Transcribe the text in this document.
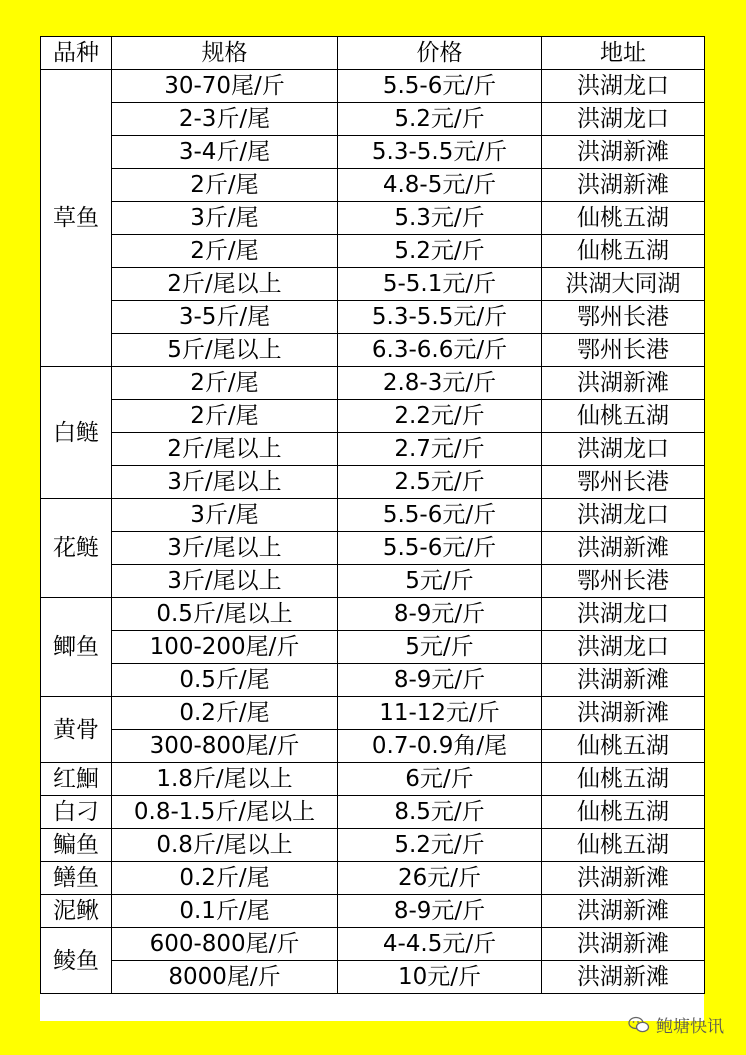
品种	规格	价格	地址
草鱼	30-70尾/斤	5.5-6元/斤	洪湖龙口
	2-3斤/尾	5.2元/斤	洪湖龙口
	3-4斤/尾	5.3-5.5元/斤	洪湖新滩
	2斤/尾	4.8-5元/斤	洪湖新滩
	3斤/尾	5.3元/斤	仙桃五湖
	2斤/尾	5.2元/斤	仙桃五湖
	2斤/尾以上	5-5.1元/斤	洪湖大同湖
	3-5斤/尾	5.3-5.5元/斤	鄂州长港
	5斤/尾以上	6.3-6.6元/斤	鄂州长港
白鲢	2斤/尾	2.8-3元/斤	洪湖新滩
	2斤/尾	2.2元/斤	仙桃五湖
	2斤/尾以上	2.7元/斤	洪湖龙口
	3斤/尾以上	2.5元/斤	鄂州长港
花鲢	3斤/尾	5.5-6元/斤	洪湖龙口
	3斤/尾以上	5.5-6元/斤	洪湖新滩
	3斤/尾以上	5元/斤	鄂州长港
鲫鱼	0.5斤/尾以上	8-9元/斤	洪湖龙口
	100-200尾/斤	5元/斤	洪湖龙口
	0.5斤/尾	8-9元/斤	洪湖新滩
黄骨	0.2斤/尾	11-12元/斤	洪湖新滩
	300-800尾/斤	0.7-0.9角/尾	仙桃五湖
红鮰	1.8斤/尾以上	6元/斤	仙桃五湖
白刁	0.8-1.5斤/尾以上	8.5元/斤	仙桃五湖
鳊鱼	0.8斤/尾以上	5.2元/斤	仙桃五湖
鳝鱼	0.2斤/尾	26元/斤	洪湖新滩
泥鳅	0.1斤/尾	8-9元/斤	洪湖新滩
鲮鱼	600-800尾/斤	4-4.5元/斤	洪湖新滩
	8000尾/斤	10元/斤	洪湖新滩
鲍塘快讯
